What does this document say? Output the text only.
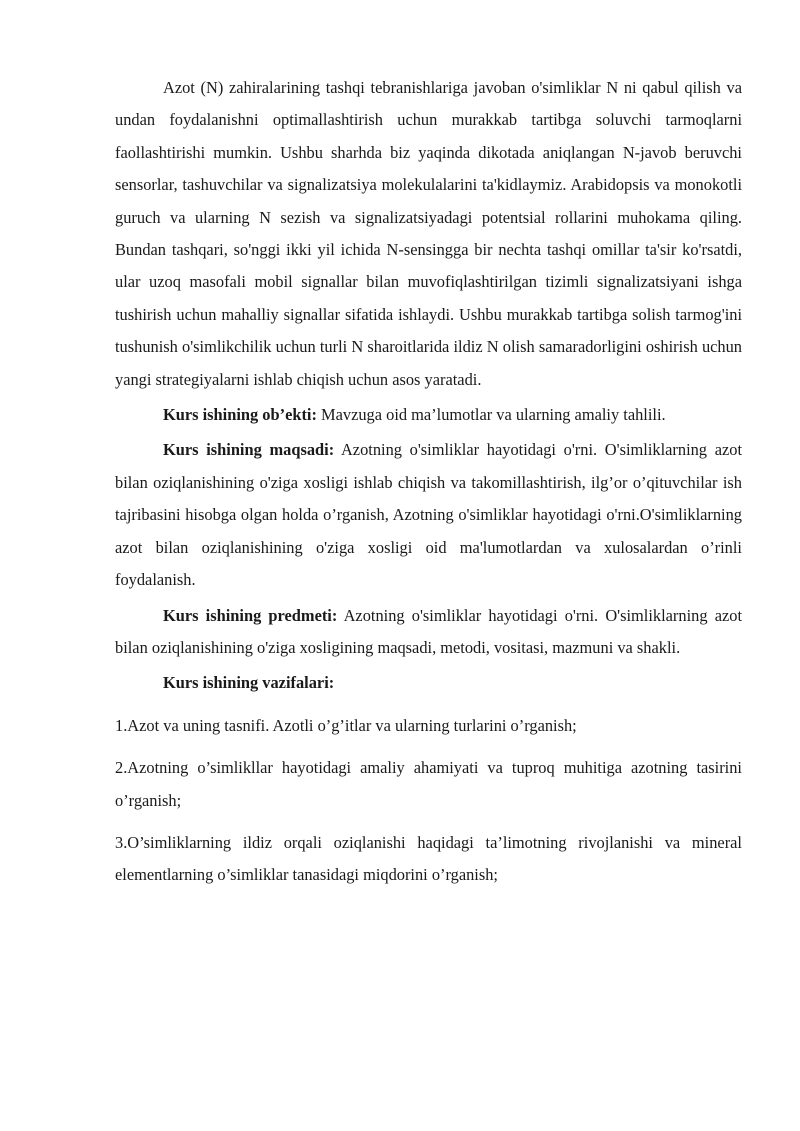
Azot (N) zahiralarining tashqi tebranishlariga javoban o'simliklar N ni qabul qilish va undan foydalanishni optimallashtirish uchun murakkab tartibga soluvchi tarmoqlarni faollashtirishi mumkin. Ushbu sharhda biz yaqinda dikotada aniqlangan N-javob beruvchi sensorlar, tashuvchilar va signalizatsiya molekulalarini ta'kidlaymiz. Arabidopsis va monokotli guruch va ularning N sezish va signalizatsiyadagi potentsial rollarini muhokama qiling. Bundan tashqari, so'nggi ikki yil ichida N-sensingga bir nechta tashqi omillar ta'sir ko'rsatdi, ular uzoq masofali mobil signallar bilan muvofiqlashtirilgan tizimli signalizatsiyani ishga tushirish uchun mahalliy signallar sifatida ishlaydi. Ushbu murakkab tartibga solish tarmog'ini tushunish o'simlikchilik uchun turli N sharoitlarida ildiz N olish samaradorligini oshirish uchun yangi strategiyalarni ishlab chiqish uchun asos yaratadi.

Kurs ishining ob’ekti: Mavzuga oid ma’lumotlar va ularning amaliy tahlili.

Kurs ishining maqsadi: Azotning o'simliklar hayotidagi o'rni. O'simliklarning azot bilan oziqlanishining o'ziga xosligi ishlab chiqish va takomillashtirish, ilg’or o’qituvchilar ish tajribasini hisobga olgan holda o’rganish, Azotning o'simliklar hayotidagi o'rni.O'simliklarning azot bilan oziqlanishining o'ziga xosligi oid ma'lumotlardan va xulosalardan o’rinli foydalanish.

Kurs ishining predmeti: Azotning o'simliklar hayotidagi o'rni. O'simliklarning azot bilan oziqlanishining o'ziga xosligining maqsadi, metodi, vositasi, mazmuni va shakli.

Kurs ishining vazifalari:

1.Azot va uning tasnifi. Azotli o’g’itlar va ularning turlarini o’rganish;

2.Azotning o’simlikllar hayotidagi amaliy ahamiyati va tuproq muhitiga azotning tasirini o’rganish;

3.O’simliklarning ildiz orqali oziqlanishi haqidagi ta’limotning rivojlanishi va mineral elementlarning o’simliklar tanasidagi miqdorini o’rganish;
